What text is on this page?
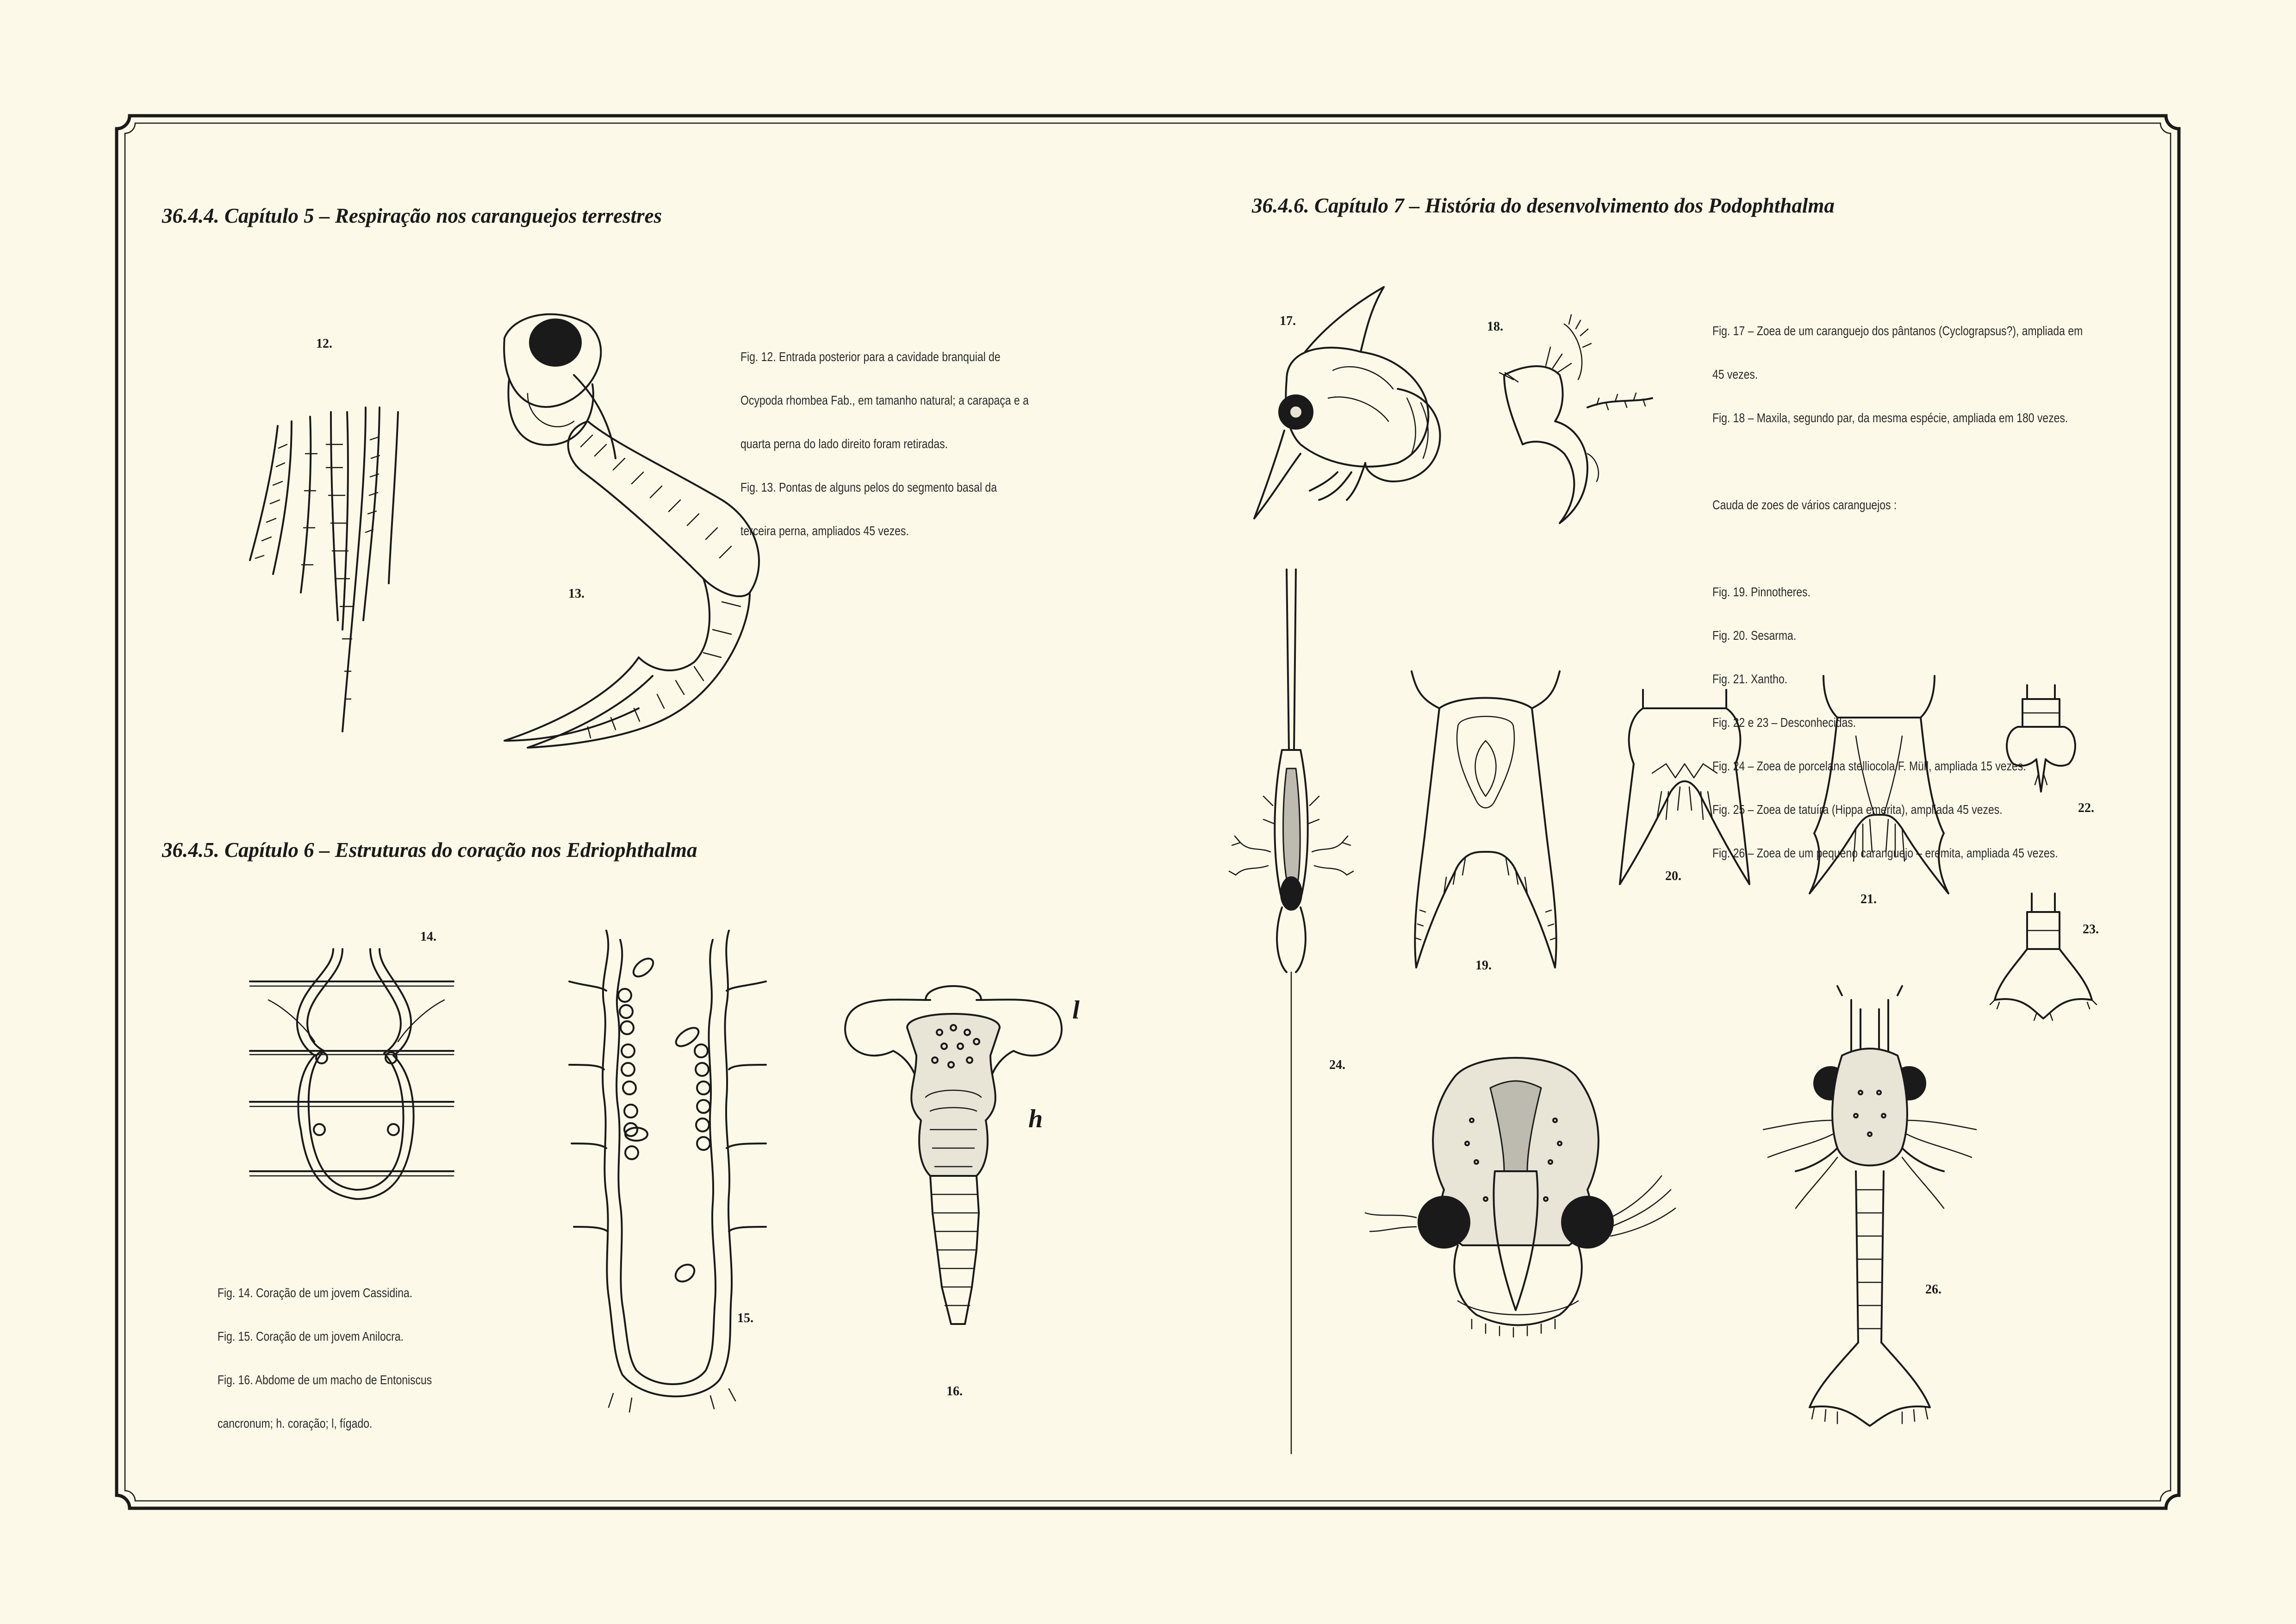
36.4.4. Capítulo 5 – Respiração nos caranguejos terrestres
36.4.5. Capítulo 6 – Estruturas do coração nos Edriophthalma
36.4.6. Capítulo 7 – História do desenvolvimento dos Podophthalma

Fig. 12. Entrada posterior para a cavidade branquial de

Ocypoda rhombea Fab., em tamanho natural; a carapaça e a

quarta perna do lado direito foram retiradas.

Fig. 13. Pontas de alguns pelos do segmento basal da

terceira perna, ampliados 45 vezes.

Fig. 14. Coração de um jovem Cassidina.

Fig. 15. Coração de um jovem Anilocra.

Fig. 16. Abdome de um macho de Entoniscus

cancronum; h. coração; l, fígado.

Fig. 17 – Zoea de um caranguejo dos pântanos (Cyclograpsus?), ampliada em

45 vezes.

Fig. 18 – Maxila, segundo par, da mesma espécie, ampliada em 180 vezes.

Cauda de zoes de vários caranguejos :

Fig. 19. Pinnotheres.

Fig. 20. Sesarma.

Fig. 21. Xantho.

Fig. 22 e 23 – Desconhecidas.

Fig. 24 – Zoea de porcelana stelliocola F. Müll, ampliada 15 vezes.

Fig. 25 – Zoea de tatuíra (Hippa emerita), ampliada 45 vezes.

Fig. 26 – Zoea de um pequeno caranguejo – eremita, ampliada 45 vezes.

12.
13.
14.
15.
16.
17.	18.
19.
20.
21.
22.
23.
24.
26.
l
h
